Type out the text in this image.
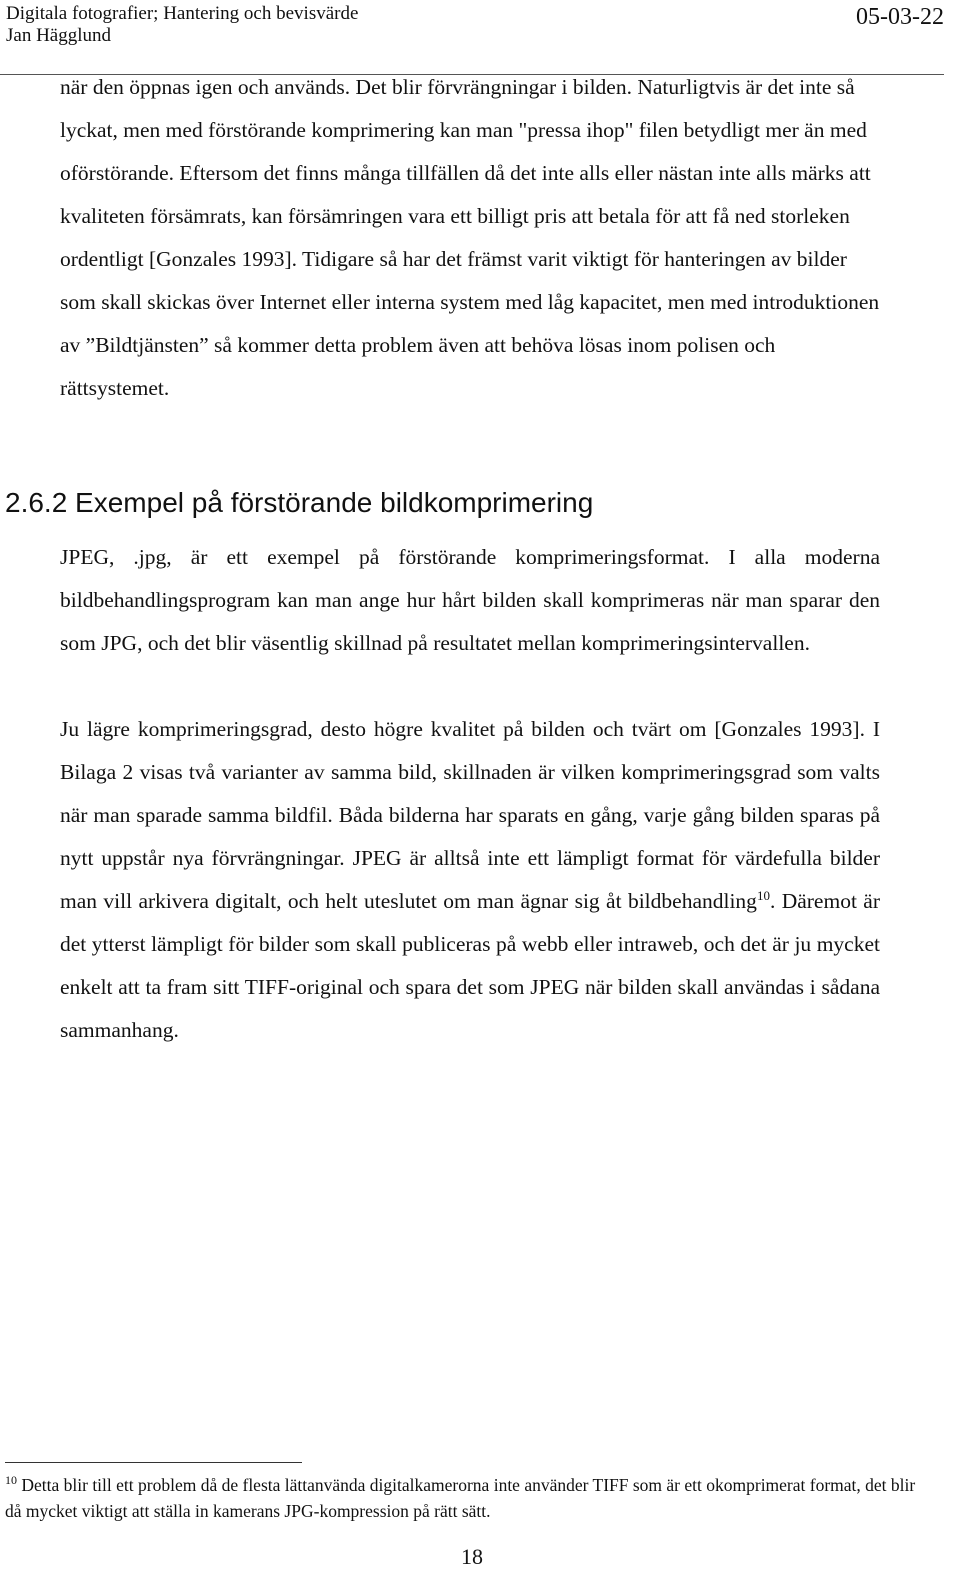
Digitala fotografier; Hantering och bevisvärde
Jan Hägglund
05-03-22

när den öppnas igen och används. Det blir förvrängningar i bilden. Naturligtvis är det inte så lyckat, men med förstörande komprimering kan man "pressa ihop" filen betydligt mer än med oförstörande. Eftersom det finns många tillfällen då det inte alls eller nästan inte alls märks att kvaliteten försämrats, kan försämringen vara ett billigt pris att betala för att få ned storleken ordentligt [Gonzales 1993]. Tidigare så har det främst varit viktigt för hanteringen av bilder som skall skickas över Internet eller interna system med låg kapacitet, men med introduktionen av ”Bildtjänsten” så kommer detta problem även att behöva lösas inom polisen och rättsystemet.

2.6.2 Exempel på förstörande bildkomprimering

JPEG, .jpg, är ett exempel på förstörande komprimeringsformat. I alla moderna bildbehandlingsprogram kan man ange hur hårt bilden skall komprimeras när man sparar den som JPG, och det blir väsentlig skillnad på resultatet mellan komprimeringsintervallen.

Ju lägre komprimeringsgrad, desto högre kvalitet på bilden och tvärt om [Gonzales 1993]. I Bilaga 2 visas två varianter av samma bild, skillnaden är vilken komprimeringsgrad som valts när man sparade samma bildfil. Båda bilderna har sparats en gång, varje gång bilden sparas på nytt uppstår nya förvrängningar. JPEG är alltså inte ett lämpligt format för värdefulla bilder man vill arkivera digitalt, och helt uteslutet om man ägnar sig åt bildbehandling$^{10}$. Däremot är det ytterst lämpligt för bilder som skall publiceras på webb eller intraweb, och det är ju mycket enkelt att ta fram sitt TIFF-original och spara det som JPEG när bilden skall användas i sådana sammanhang.

$^{10}$ Detta blir till ett problem då de flesta lättanvända digitalkamerorna inte använder TIFF som är ett okomprimerat format, det blir då mycket viktigt att ställa in kamerans JPG-kompression på rätt sätt.

18
